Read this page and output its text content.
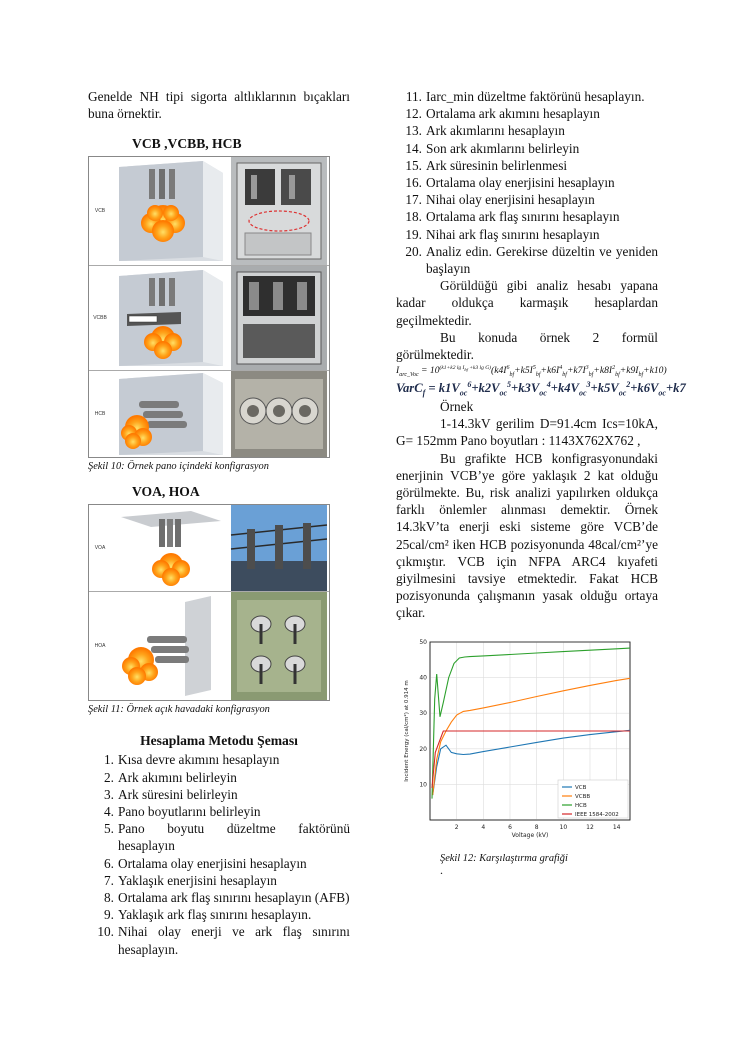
Genelde NH tipi sigorta altlıklarının bıçakları buna örnektir.

VCB ,VCBB, HCB
VCB
VCBB
HCB
Şekil 10: Örnek pano içindeki konfigrasyon
VOA, HOA
VOA
HOA
Şekil 11: Örnek açık havadaki konfigrasyon
Hesaplama Metodu Şeması
1. Kısa devre akımını hesaplayın
2. Ark akımını belirleyin
3. Ark süresini belirleyin
4. Pano boyutlarını belirleyin
5. Pano boyutu düzeltme faktörünü hesaplayın
6. Ortalama olay enerjisini hesaplayın
7. Yaklaşık enerjisini hesaplayın
8. Ortalama ark flaş sınırını hesaplayın (AFB)
9. Yaklaşık ark flaş sınırını hesaplayın.
10. Nihai olay enerji ve ark flaş sınırını hesaplayın.
11. Iarc_min düzeltme faktörünü hesaplayın.
12. Ortalama ark akımını hesaplayın
13. Ark akımlarını hesaplayın
14. Son ark akımlarını belirleyin
15. Ark süresinin belirlenmesi
16. Ortalama olay enerjisini hesaplayın
17. Nihai olay enerjisini hesaplayın
18. Ortalama ark flaş sınırını hesaplayın
19. Nihai ark flaş sınırını hesaplayın
20. Analiz edin. Gerekirse düzeltin ve yeniden başlayın

Görüldüğü gibi analiz hesabı yapana kadar oldukça karmaşık hesaplardan geçilmektedir.

Bu konuda örnek 2 formül görülmektedir.

$I_{arc\_Voc} = 10^{(k1+k2 lg I_{bf} +k3 lg G)}(k4I^6_{bf}+k5I^5_{bf}+k6I^4_{bf}+k7I^3_{bf}+k8I^2_{bf}+k9I_{bf}+k10)$
VarC$_f$ = $k1V_{oc}^6+k2V_{oc}^5+k3V_{oc}^4+k4V_{oc}^3+k5V_{oc}^2+k6V_{oc}+k7$

Örnek

1-14.3kV gerilim D=91.4cm Ics=10kA, G= 152mm Pano boyutları : 1143X762X762 ,

Bu grafikte HCB konfigrasyonundaki enerjinin VCB’ye göre yaklaşık 2 kat olduğu görülmekte. Bu, risk analizi yapılırken oldukça farklı önlemler alınması demektir. Örnek 14.3kV’ta enerji eski sisteme göre VCB’de 25cal/cm² iken HCB pozisyonunda 48cal/cm²’ye çıkmıştır. VCB için NFPA ARC4 kıyafeti giyilmesini tavsiye etmektedir. Fakat HCB pozisyonunda çalışmanın yasak olduğu ortaya çıkar.

2	4	6	8	10	12	14
10
20
30
40
50
Voltage (kV)
Incident Energy (cal/cm²) at 0.914 m
VCB
VCBB
HCB
IEEE 1584-2002
Şekil 12: Karşılaştırma grafiği
.
